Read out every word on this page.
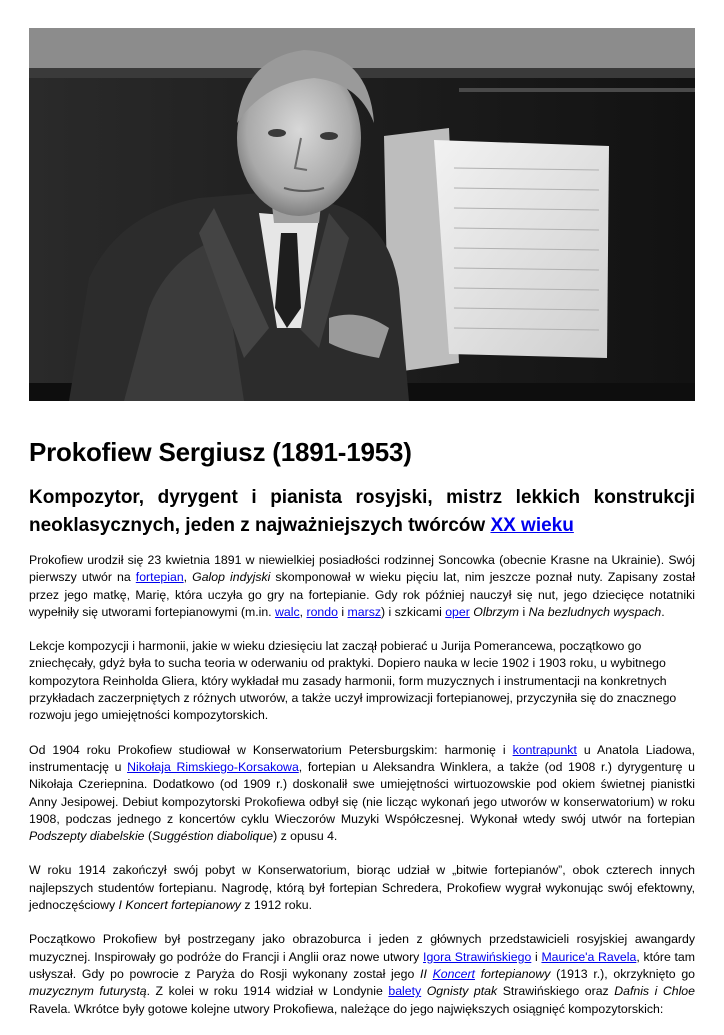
Prokofiew Sergiusz (1891-1953)
Kompozytor, dyrygent i pianista rosyjski, mistrz lekkich konstrukcji neoklasycznych, jeden z najważniejszych twórców XX wieku

Prokofiew urodził się 23 kwietnia 1891 w niewielkiej posiadłości rodzinnej Soncowka (obecnie Krasne na Ukrainie). Swój pierwszy utwór na fortepian, Galop indyjski skomponował w wieku pięciu lat, nim jeszcze poznał nuty. Zapisany został przez jego matkę, Marię, która uczyła go gry na fortepianie. Gdy rok później nauczył się nut, jego dziecięce notatniki wypełniły się utworami fortepianowymi (m.in. walc, rondo i marsz) i szkicami oper Olbrzym i Na bezludnych wyspach.

Lekcje kompozycji i harmonii, jakie w wieku dziesięciu lat zaczął pobierać u Jurija Pomerancewa, początkowo go zniechęcały, gdyż była to sucha teoria w oderwaniu od praktyki. Dopiero nauka w lecie 1902 i 1903 roku, u wybitnego kompozytora Reinholda Gliera, który wykładał mu zasady harmonii, form muzycznych i instrumentacji na konkretnych przykładach zaczerpniętych z różnych utworów, a także uczył improwizacji fortepianowej, przyczyniła się do znacznego rozwoju jego umiejętności kompozytorskich.

Od 1904 roku Prokofiew studiował w Konserwatorium Petersburgskim: harmonię i kontrapunkt u Anatola Liadowa, instrumentację u Nikołaja Rimskiego-Korsakowa, fortepian u Aleksandra Winklera, a także (od 1908 r.) dyrygenturę u Nikołaja Czeriepnina. Dodatkowo (od 1909 r.) doskonalił swe umiejętności wirtuozowskie pod okiem świetnej pianistki Anny Jesipowej. Debiut kompozytorski Prokofiewa odbył się (nie licząc wykonań jego utworów w konserwatorium) w roku 1908, podczas jednego z koncertów cyklu Wieczorów Muzyki Współczesnej. Wykonał wtedy swój utwór na fortepian Podszepty diabelskie (Suggéstion diabolique) z opusu 4.

W roku 1914 zakończył swój pobyt w Konserwatorium, biorąc udział w „bitwie fortepianów”, obok czterech innych najlepszych studentów fortepianu. Nagrodę, którą był fortepian Schredera, Prokofiew wygrał wykonując swój efektowny, jednoczęściowy I Koncert fortepianowy z 1912 roku.

Początkowo Prokofiew był postrzegany jako obrazoburca i jeden z głównych przedstawicieli rosyjskiej awangardy muzycznej. Inspirowały go podróże do Francji i Anglii oraz nowe utwory Igora Strawińskiego i Maurice'a Ravela, które tam usłyszał. Gdy po powrocie z Paryża do Rosji wykonany został jego II Koncert fortepianowy (1913 r.), okrzyknięto go muzycznym futurystą. Z kolei w roku 1914 widział w Londynie balety Ognisty ptak Strawińskiego oraz Dafnis i Chloe Ravela. Wkrótce były gotowe kolejne utwory Prokofiewa, należące do jego największych osiągnięć kompozytorskich:
